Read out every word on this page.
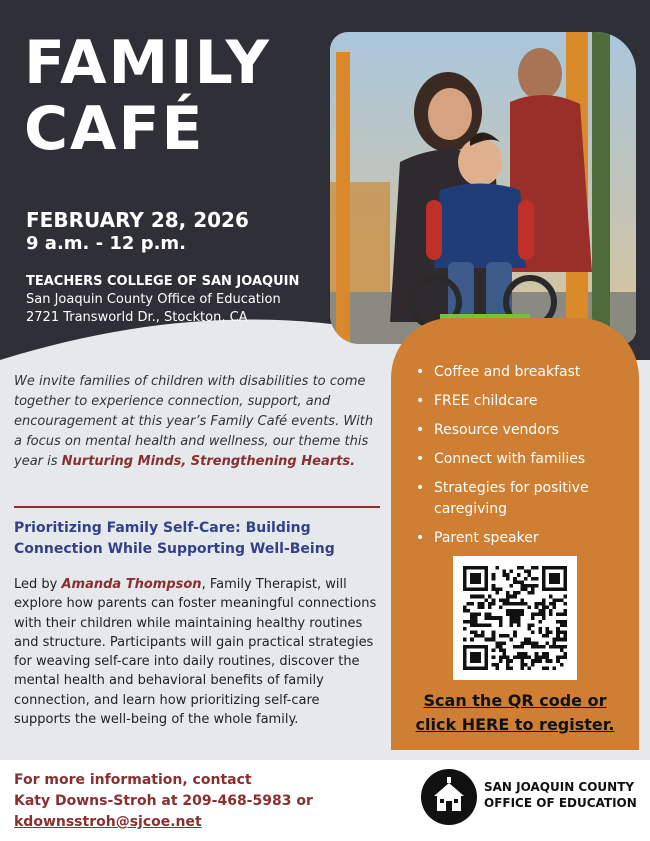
FAMILY
CAFÉ
FEBRUARY 28, 2026
9 a.m. - 12 p.m.
TEACHERS COLLEGE OF SAN JOAQUIN
San Joaquin County Office of Education
2721 Transworld Dr., Stockton, CA
• Coffee and breakfast
• FREE childcare
• Resource vendors
• Connect with families
• Strategies for positive caregiving
• Parent speaker
Scan the QR code or
click HERE to register.

We invite families of children with disabilities to come together to experience connection, support, and encouragement at this year’s Family Café events. With a focus on mental health and wellness, our theme this year is Nurturing Minds, Strengthening Hearts.

Prioritizing Family Self-Care: Building Connection While Supporting Well-Being

Led by Amanda Thompson, Family Therapist, will explore how parents can foster meaningful connections with their children while maintaining healthy routines and structure. Participants will gain practical strategies for weaving self-care into daily routines, discover the mental health and behavioral benefits of family connection, and learn how prioritizing self-care supports the well-being of the whole family.

For more information, contact
Katy Downs-Stroh at 209-468-5983 or
kdownsstroh@sjcoe.net
SAN JOAQUIN COUNTY
OFFICE OF EDUCATION
